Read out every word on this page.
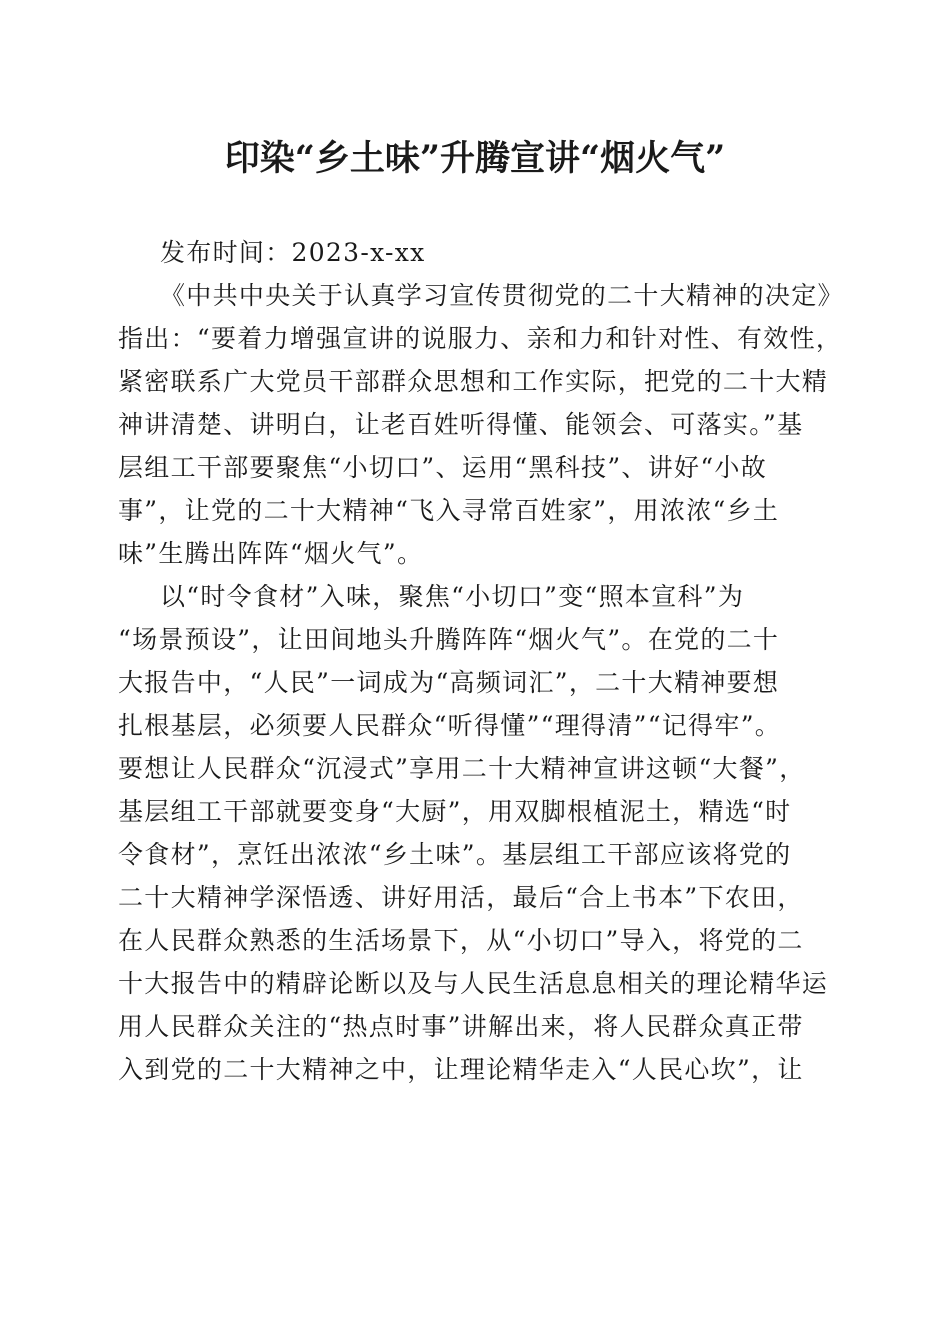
印染“乡土味”升腾宣讲“烟火气”
发布时间：2023-x-xx
《中共中央关于认真学习宣传贯彻党的二十大精神的决定》
指出：“要着力增强宣讲的说服力、亲和力和针对性、有效性，
紧密联系广大党员干部群众思想和工作实际，把党的二十大精
神讲清楚、讲明白，让老百姓听得懂、能领会、可落实。”基
层组工干部要聚焦“小切口”、运用“黑科技”、讲好“小故
事”，让党的二十大精神“飞入寻常百姓家”，用浓浓“乡土
味”生腾出阵阵“烟火气”。
以“时令食材”入味，聚焦“小切口”变“照本宣科”为
“场景预设”，让田间地头升腾阵阵“烟火气”。在党的二十
大报告中，“人民”一词成为“高频词汇”，二十大精神要想
扎根基层，必须要人民群众“听得懂”“理得清”“记得牢”。
要想让人民群众“沉浸式”享用二十大精神宣讲这顿“大餐”，
基层组工干部就要变身“大厨”，用双脚根植泥土，精选“时
令食材”，烹饪出浓浓“乡土味”。基层组工干部应该将党的
二十大精神学深悟透、讲好用活，最后“合上书本”下农田，
在人民群众熟悉的生活场景下，从“小切口”导入，将党的二
十大报告中的精辟论断以及与人民生活息息相关的理论精华运
用人民群众关注的“热点时事”讲解出来，将人民群众真正带
入到党的二十大精神之中，让理论精华走入“人民心坎”，让
